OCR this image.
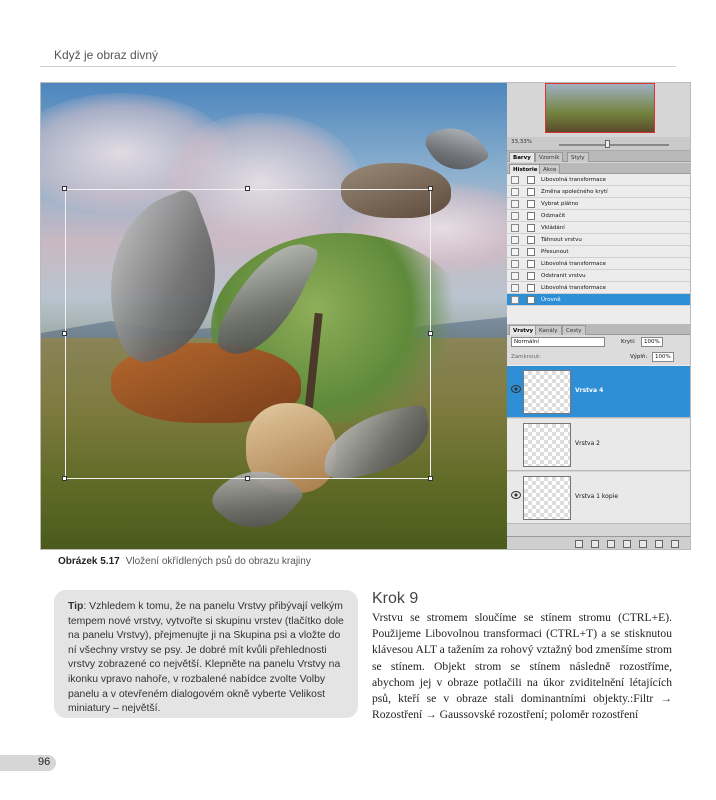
Když je obraz divný
33,33%
Barvy	Vzorník	Styly
Historie	Akce
Libovolná transformace
Změna společného krytí
Vybrat plátno
Odznačit
Vkládání
Táhnout vrstvu
Přesunout
Libovolná transformace
Odstranit vrstvu
Libovolná transformace
Úrovně
Vrstvy	Kanály	Cesty
Normální	Krytí:	100%
Zamknout:	Výplň:	100%
Vrstva 4
Vrstva 2
Vrstva 1 kopie
Obrázek 5.17 Vložení okřídlených psů do obrazu krajiny
Tip: Vzhledem k tomu, že na panelu Vrstvy přibývají velkým tempem nové vrstvy, vytvořte si skupinu vrstev (tlačítko dole na panelu Vrstvy), přejmenujte ji na Skupina psi a vložte do ní všechny vrstvy se psy. Je dobré mít kvůli přehlednosti vrstvy zobrazené co největší. Klepněte na panelu Vrstvy na ikonku vpravo nahoře, v rozbalené nabídce zvolte Volby panelu a v otevřeném dialogovém okně vyberte Velikost miniatury – největší.
Krok 9
Vrstvu se stromem sloučíme se stínem stromu (CTRL+E). Použijeme Libovolnou transformaci (CTRL+T) a se stisknutou klávesou ALT a tažením za rohový vztažný bod zmenšíme strom se stínem. Objekt strom se stínem následně rozostříme, abychom jej v obraze potlačili na úkor zviditelnění létajících psů, kteří se v obraze stali dominantními objekty.:Filtr → Rozostření → Gaussovské rozostření; poloměr rozostření
96
